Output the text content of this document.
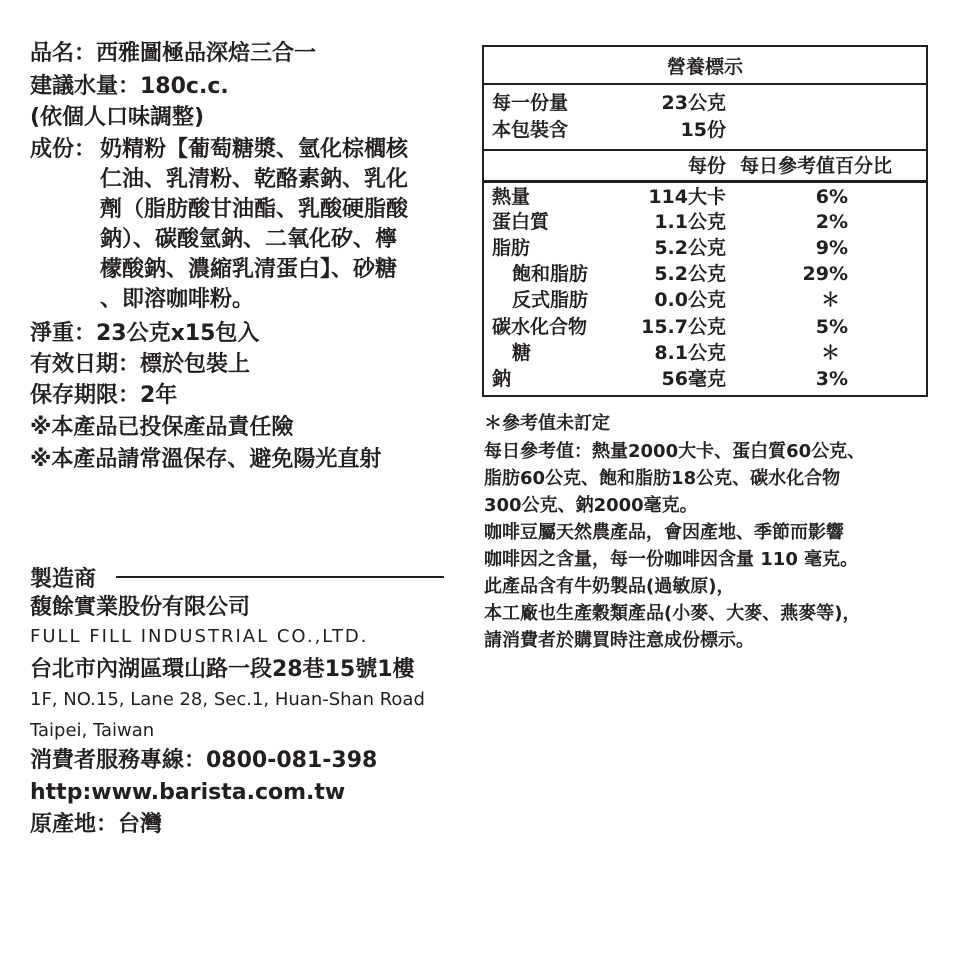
品名：西雅圖極品深焙三合一
建議水量：180c.c.
(依個人口味調整)
成份： 奶精粉【葡萄糖漿、氫化棕櫚核
仁油、乳清粉、乾酪素鈉、乳化
劑（脂肪酸甘油酯、乳酸硬脂酸
鈉）、碳酸氫鈉、二氧化矽、檸
檬酸鈉、濃縮乳清蛋白】、砂糖
、即溶咖啡粉。
淨重：23公克x15包入
有效日期：標於包裝上
保存期限：2年
※本產品已投保產品責任險
※本產品請常溫保存、避免陽光直射
製造商
馥餘實業股份有限公司
FULL FILL INDUSTRIAL CO.,LTD.
台北市內湖區環山路一段28巷15號1樓
1F, NO.15, Lane 28, Sec.1, Huan-Shan Road
Taipei, Taiwan
消費者服務專線：0800-081-398
http:www.barista.com.tw
原產地：台灣
營養標示
每一份量	23公克
本包裝含	15份
每份 每日參考值百分比
熱量	114大卡	6%
蛋白質	1.1公克	2%
脂肪	5.2公克	9%
飽和脂肪	5.2公克	29%
反式脂肪	0.0公克	＊
碳水化合物	15.7公克	5%
糖	8.1公克	＊
鈉	56毫克	3%
＊參考值未訂定
每日參考值：熱量2000大卡、蛋白質60公克、
脂肪60公克、飽和脂肪18公克、碳水化合物
300公克、鈉2000毫克。
咖啡豆屬天然農產品，會因產地、季節而影響
咖啡因之含量，每一份咖啡因含量 110 毫克。
此產品含有牛奶製品(過敏原)，
本工廠也生產穀類產品(小麥、大麥、燕麥等)，
請消費者於購買時注意成份標示。
